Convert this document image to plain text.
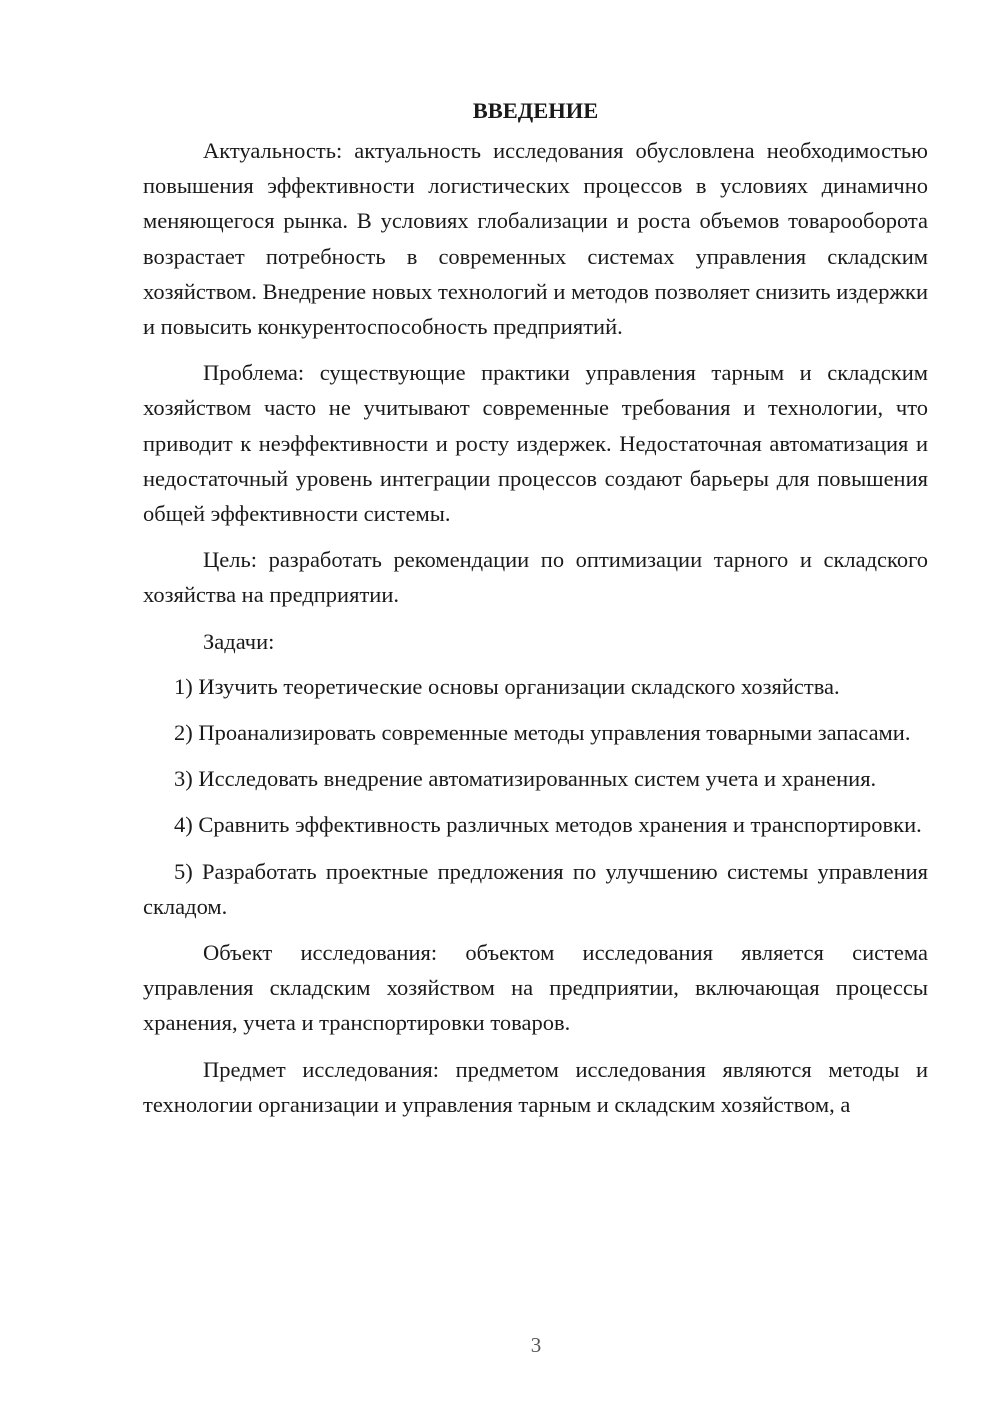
ВВЕДЕНИЕ

Актуальность: актуальность исследования обусловлена необходимостью повышения эффективности логистических процессов в условиях динамично меняющегося рынка. В условиях глобализации и роста объемов товарооборота возрастает потребность в современных системах управления складским хозяйством. Внедрение новых технологий и методов позволяет снизить издержки и повысить конкурентоспособность предприятий.

Проблема: существующие практики управления тарным и складским хозяйством часто не учитывают современные требования и технологии, что приводит к неэффективности и росту издержек. Недостаточная автоматизация и недостаточный уровень интеграции процессов создают барьеры для повышения общей эффективности системы.

Цель: разработать рекомендации по оптимизации тарного и складского хозяйства на предприятии.

Задачи:

1) Изучить теоретические основы организации складского хозяйства.

2) Проанализировать современные методы управления товарными запасами.

3) Исследовать внедрение автоматизированных систем учета и хранения.

4) Сравнить эффективность различных методов хранения и транспортировки.

5) Разработать проектные предложения по улучшению системы управления складом.

Объект исследования: объектом исследования является система управления складским хозяйством на предприятии, включающая процессы хранения, учета и транспортировки товаров.

Предмет исследования: предметом исследования являются методы и технологии организации и управления тарным и складским хозяйством, а

3
